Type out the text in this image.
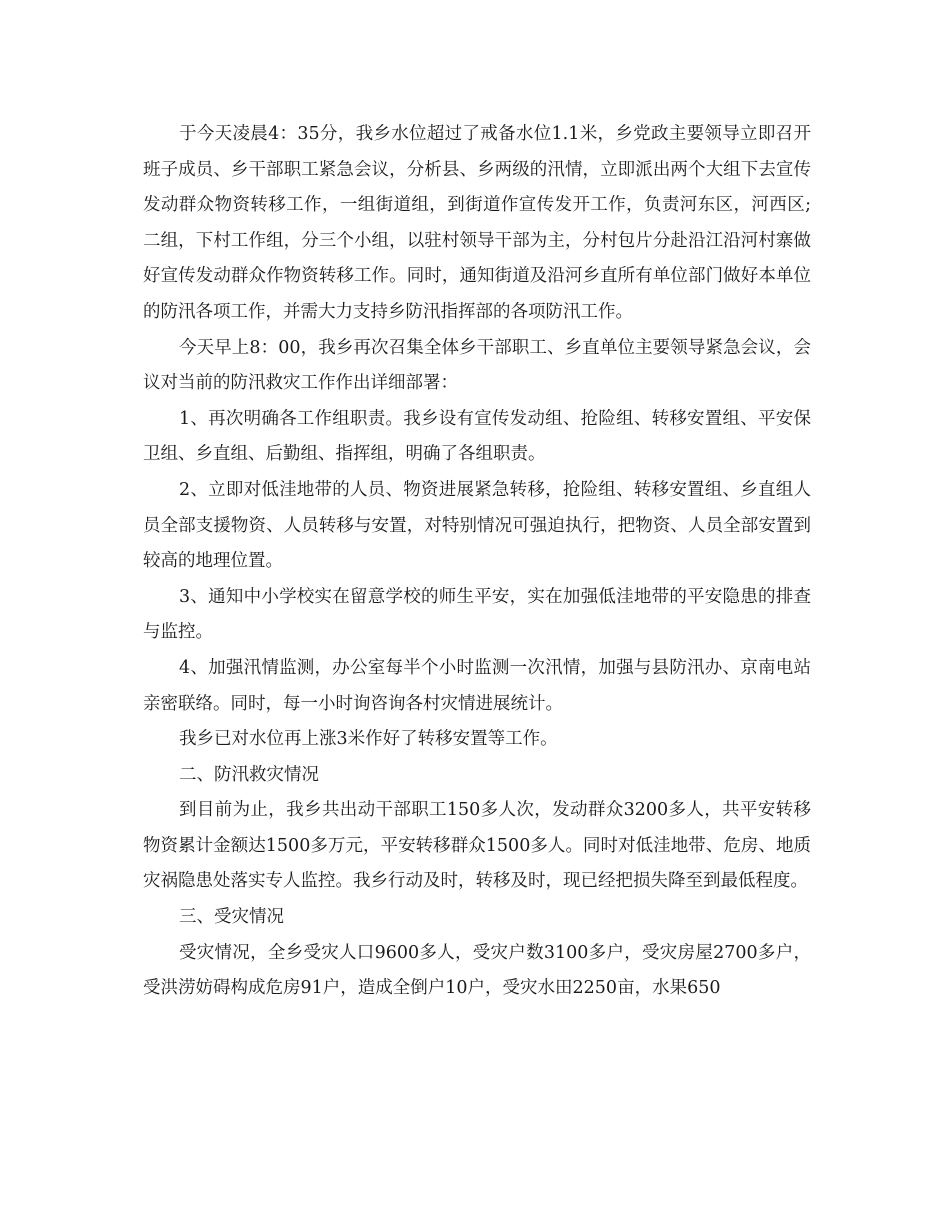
于今天凌晨4：35分，我乡水位超过了戒备水位1.1米，乡党政主要领导立即召开班子成员、乡干部职工紧急会议，分析县、乡两级的汛情，立即派出两个大组下去宣传发动群众物资转移工作，一组街道组，到街道作宣传发开工作，负责河东区，河西区;二组，下村工作组，分三个小组，以驻村领导干部为主，分村包片分赴沿江沿河村寨做好宣传发动群众作物资转移工作。同时，通知街道及沿河乡直所有单位部门做好本单位的防汛各项工作，并需大力支持乡防汛指挥部的各项防汛工作。

今天早上8：00，我乡再次召集全体乡干部职工、乡直单位主要领导紧急会议，会议对当前的防汛救灾工作作出详细部署：

1、再次明确各工作组职责。我乡设有宣传发动组、抢险组、转移安置组、平安保卫组、乡直组、后勤组、指挥组，明确了各组职责。

2、立即对低洼地带的人员、物资进展紧急转移，抢险组、转移安置组、乡直组人员全部支援物资、人员转移与安置，对特别情况可强迫执行，把物资、人员全部安置到较高的地理位置。

3、通知中小学校实在留意学校的师生平安，实在加强低洼地带的平安隐患的排查与监控。

4、加强汛情监测，办公室每半个小时监测一次汛情，加强与县防汛办、京南电站亲密联络。同时，每一小时询咨询各村灾情进展统计。

我乡已对水位再上涨3米作好了转移安置等工作。

二、防汛救灾情况

到目前为止，我乡共出动干部职工150多人次，发动群众3200多人，共平安转移物资累计金额达1500多万元，平安转移群众1500多人。同时对低洼地带、危房、地质灾祸隐患处落实专人监控。我乡行动及时，转移及时，现已经把损失降至到最低程度。

三、受灾情况

受灾情况，全乡受灾人口9600多人，受灾户数3100多户，受灾房屋2700多户，受洪涝妨碍构成危房91户，造成全倒户10户，受灾水田2250亩，水果650
